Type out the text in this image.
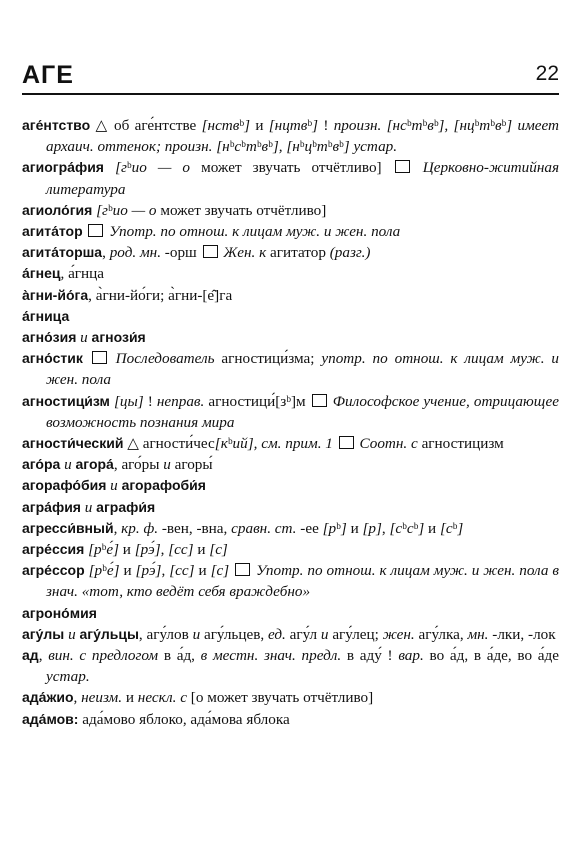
АГЕ	22

аге́нтство △ об аге́нтстве [нствᵇ] и [нцтвᵇ] ! произн. [нсᵇтᵇвᵇ], [нцᵇтᵇвᵇ] имеет архаич. оттенок; произн. [нᵇсᵇтᵇвᵇ], [нᵇцᵇтᵇвᵇ] устар.

агиогра́фия [гᵇио — о может звучать отчётливо]  Церковно-житийная литература

агиоло́гия [гᵇио — о может звучать отчётливо]

агита́тор  Употр. по отнош. к лицам муж. и жен. пола

агита́торша, род. мн. -орш  Жен. к агитатор (разг.)

а́гнец, а́гнца

а̀гни-йо́га, а̀гни-йо́ги; а̀гни-[е̂]га

а́гница

агно́зия и агнози́я

агно́стик  Последователь агностици́зма; употр. по отнош. к лицам муж. и жен. пола

агностици́зм [цы] ! неправ. агностици́[зᵇ]м  Философское учение, отрицающее возможность познания мира

агности́ческий △ агности́чес[кᵇий], см. прим. 1  Соотн. с агностицизм

аго́ра и агора́, аго́ры и агоры́

агорафо́бия и агорафоби́я

агра́фия и аграфи́я

агресси́вный, кр. ф. -вен, -вна, сравн. ст. -ее [рᵇ] и [р], [сᵇсᵇ] и [сᵇ]

агре́ссия [рᵇе́] и [рэ́], [сс] и [с]

агре́ссор [рᵇе́] и [рэ́], [сс] и [с]  Употр. по отнош. к лицам муж. и жен. пола в знач. «тот, кто ведёт себя враждебно»

агроно́мия

агу́лы и агу́льцы, агу́лов и агу́льцев, ед. агу́л и агу́лец; жен. агу́лка, мн. -лки, -лок

ад, вин. с предлогом в а́д, в местн. знач. предл. в аду́ ! вар. во а́д, в а́де, во а́де устар.

ада́жио, неизм. и нескл. с [о может звучать отчётливо]

ада́мов: ада́мово яблоко, ада́мова яблока
